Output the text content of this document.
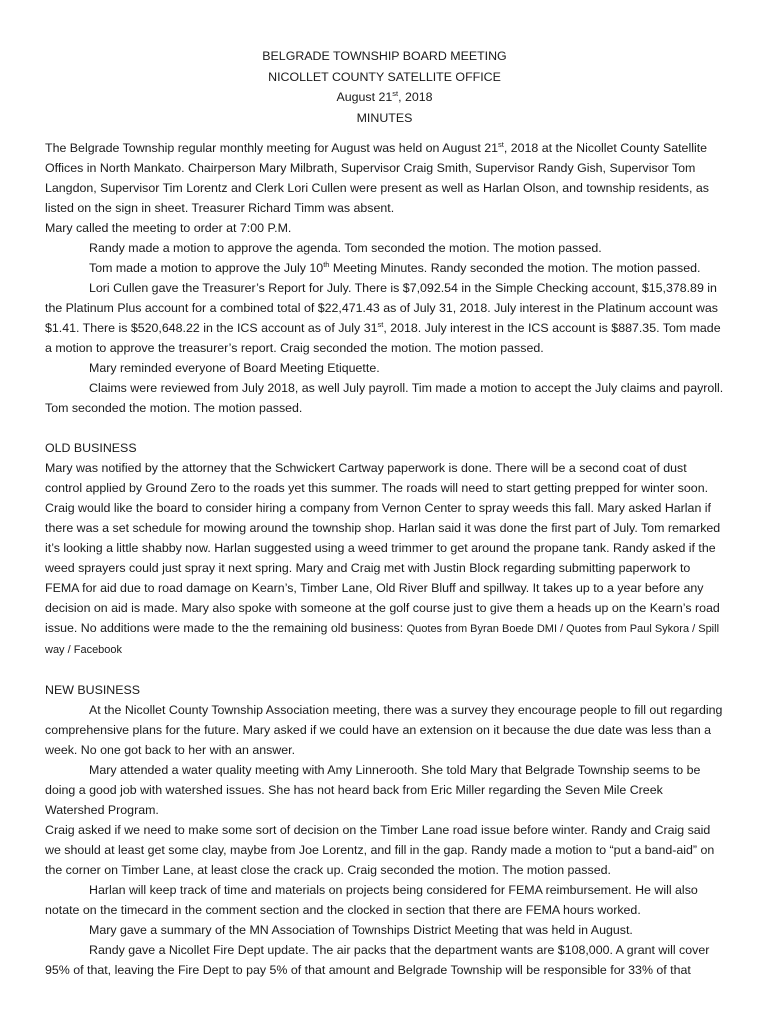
BELGRADE TOWNSHIP BOARD MEETING
NICOLLET COUNTY SATELLITE OFFICE
August 21st, 2018
MINUTES

The Belgrade Township regular monthly meeting for August was held on August 21st, 2018 at the Nicollet County Satellite Offices in North Mankato. Chairperson Mary Milbrath, Supervisor Craig Smith, Supervisor Randy Gish, Supervisor Tom Langdon, Supervisor Tim Lorentz and Clerk Lori Cullen were present as well as Harlan Olson, and township residents, as listed on the sign in sheet. Treasurer Richard Timm was absent.

Mary called the meeting to order at 7:00 P.M.

Randy made a motion to approve the agenda. Tom seconded the motion. The motion passed.

Tom made a motion to approve the July 10th Meeting Minutes. Randy seconded the motion. The motion passed.

Lori Cullen gave the Treasurer’s Report for July. There is $7,092.54 in the Simple Checking account, $15,378.89 in the Platinum Plus account for a combined total of $22,471.43 as of July 31, 2018. July interest in the Platinum account was $1.41. There is $520,648.22 in the ICS account as of July 31st, 2018. July interest in the ICS account is $887.35. Tom made a motion to approve the treasurer’s report. Craig seconded the motion. The motion passed.

Mary reminded everyone of Board Meeting Etiquette.

Claims were reviewed from July 2018, as well July payroll. Tim made a motion to accept the July claims and payroll. Tom seconded the motion. The motion passed.

OLD BUSINESS

Mary was notified by the attorney that the Schwickert Cartway paperwork is done. There will be a second coat of dust control applied by Ground Zero to the roads yet this summer. The roads will need to start getting prepped for winter soon. Craig would like the board to consider hiring a company from Vernon Center to spray weeds this fall. Mary asked Harlan if there was a set schedule for mowing around the township shop. Harlan said it was done the first part of July. Tom remarked it’s looking a little shabby now. Harlan suggested using a weed trimmer to get around the propane tank. Randy asked if the weed sprayers could just spray it next spring. Mary and Craig met with Justin Block regarding submitting paperwork to FEMA for aid due to road damage on Kearn’s, Timber Lane, Old River Bluff and spillway. It takes up to a year before any decision on aid is made. Mary also spoke with someone at the golf course just to give them a heads up on the Kearn’s road issue. No additions were made to the the remaining old business: Quotes from Byran Boede DMI / Quotes from Paul Sykora / Spill way / Facebook

NEW BUSINESS

At the Nicollet County Township Association meeting, there was a survey they encourage people to fill out regarding comprehensive plans for the future. Mary asked if we could have an extension on it because the due date was less than a week. No one got back to her with an answer.

Mary attended a water quality meeting with Amy Linnerooth. She told Mary that Belgrade Township seems to be doing a good job with watershed issues. She has not heard back from Eric Miller regarding the Seven Mile Creek Watershed Program.

Craig asked if we need to make some sort of decision on the Timber Lane road issue before winter. Randy and Craig said we should at least get some clay, maybe from Joe Lorentz, and fill in the gap. Randy made a motion to “put a band-aid” on the corner on Timber Lane, at least close the crack up. Craig seconded the motion. The motion passed.

Harlan will keep track of time and materials on projects being considered for FEMA reimbursement. He will also notate on the timecard in the comment section and the clocked in section that there are FEMA hours worked.

Mary gave a summary of the MN Association of Townships District Meeting that was held in August.

Randy gave a Nicollet Fire Dept update. The air packs that the department wants are $108,000. A grant will cover 95% of that, leaving the Fire Dept to pay 5% of that amount and Belgrade Township will be responsible for 33% of that
